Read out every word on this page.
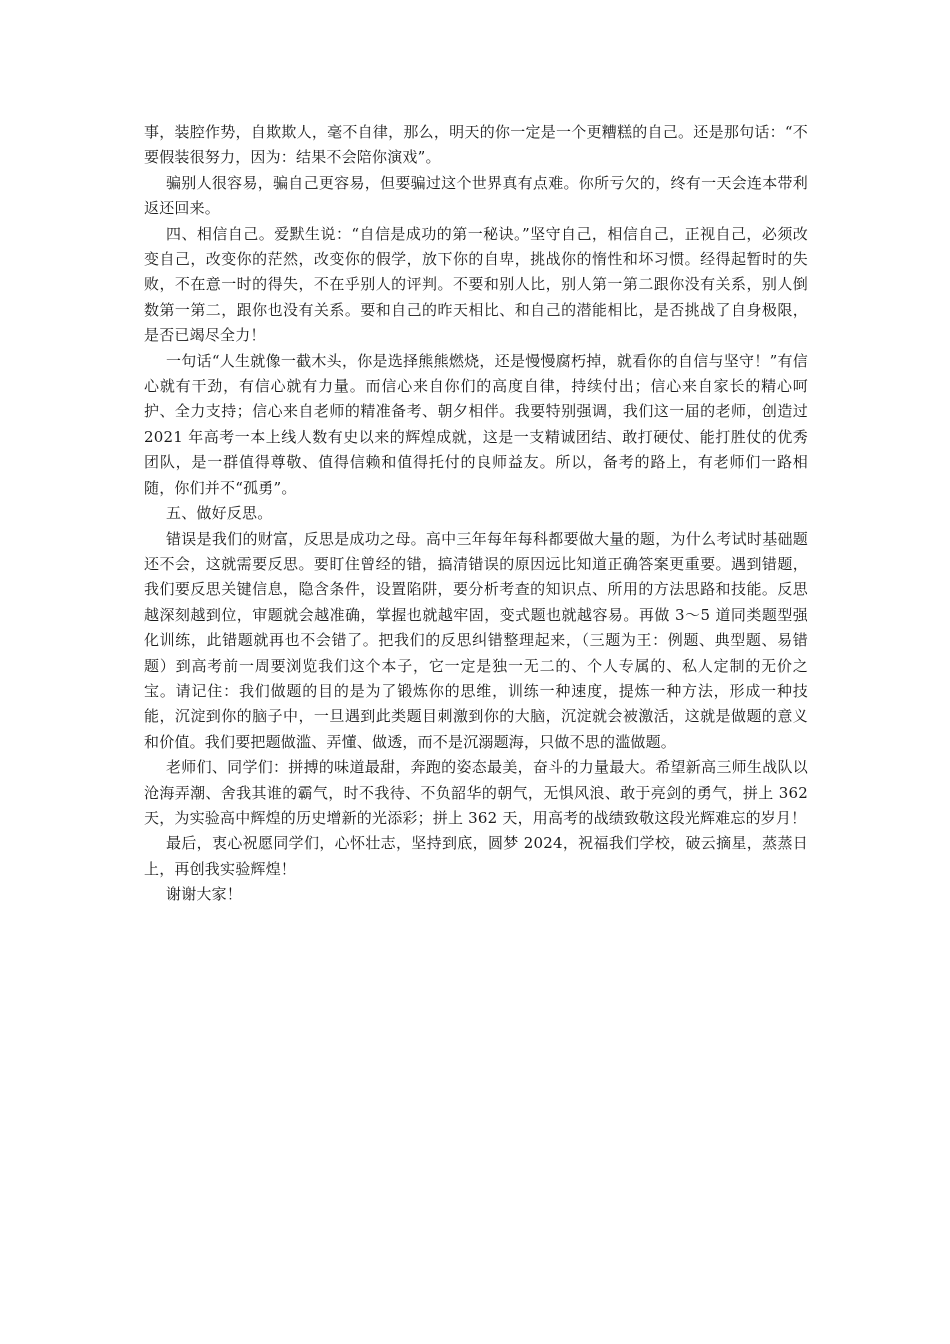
事，装腔作势，自欺欺人，毫不自律，那么，明天的你一定是一个更糟糕的自己。还是那句话：“不要假装很努力，因为：结果不会陪你演戏”。

骗别人很容易，骗自己更容易，但要骗过这个世界真有点难。你所亏欠的，终有一天会连本带利返还回来。

四、相信自己。爱默生说：“自信是成功的第一秘诀。”坚守自己，相信自己，正视自己，必须改变自己，改变你的茫然，改变你的假学，放下你的自卑，挑战你的惰性和坏习惯。经得起暂时的失败，不在意一时的得失，不在乎别人的评判。不要和别人比，别人第一第二跟你没有关系，别人倒数第一第二，跟你也没有关系。要和自己的昨天相比、和自己的潜能相比，是否挑战了自身极限，是否已竭尽全力！

一句话“人生就像一截木头，你是选择熊熊燃烧，还是慢慢腐朽掉，就看你的自信与坚守！”有信心就有干劲，有信心就有力量。而信心来自你们的高度自律，持续付出；信心来自家长的精心呵护、全力支持；信心来自老师的精准备考、朝夕相伴。我要特别强调，我们这一届的老师，创造过 2021 年高考一本上线人数有史以来的辉煌成就，这是一支精诚团结、敢打硬仗、能打胜仗的优秀团队，是一群值得尊敬、值得信赖和值得托付的良师益友。所以，备考的路上，有老师们一路相随，你们并不“孤勇”。

五、做好反思。

错误是我们的财富，反思是成功之母。高中三年每年每科都要做大量的题，为什么考试时基础题还不会，这就需要反思。要盯住曾经的错，搞清错误的原因远比知道正确答案更重要。遇到错题，我们要反思关键信息，隐含条件，设置陷阱，要分析考查的知识点、所用的方法思路和技能。反思越深刻越到位，审题就会越准确，掌握也就越牢固，变式题也就越容易。再做 3～5 道同类题型强化训练，此错题就再也不会错了。把我们的反思纠错整理起来，（三题为王：例题、典型题、易错题）到高考前一周要浏览我们这个本子，它一定是独一无二的、个人专属的、私人定制的无价之宝。请记住：我们做题的目的是为了锻炼你的思维，训练一种速度，提炼一种方法，形成一种技能，沉淀到你的脑子中，一旦遇到此类题目刺激到你的大脑，沉淀就会被激活，这就是做题的意义和价值。我们要把题做滥、弄懂、做透，而不是沉溺题海，只做不思的滥做题。

老师们、同学们：拼搏的味道最甜，奔跑的姿态最美，奋斗的力量最大。希望新高三师生战队以沧海弄潮、舍我其谁的霸气，时不我待、不负韶华的朝气，无惧风浪、敢于亮剑的勇气，拼上 362 天，为实验高中辉煌的历史增新的光添彩；拼上 362 天，用高考的战绩致敬这段光辉难忘的岁月！

最后，衷心祝愿同学们，心怀壮志，坚持到底，圆梦 2024，祝福我们学校，破云摘星，蒸蒸日上，再创我实验辉煌！

谢谢大家！
